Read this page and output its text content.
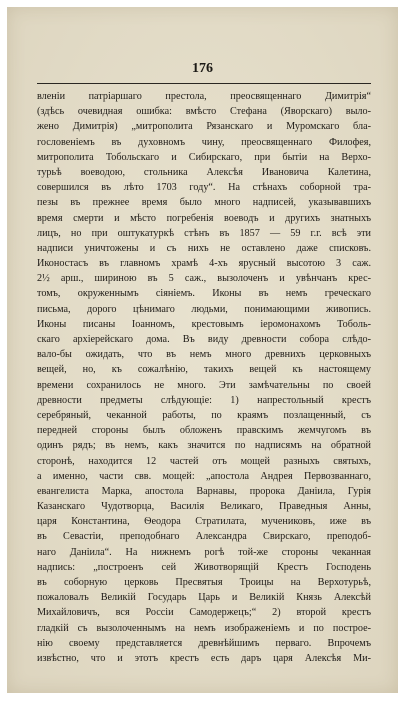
176
вленіи патріаршаго престола, преосвященнаго Димитрія“
(здѣсь очевидная ошибка: вмѣсто Стефана (Яворскаго) выло-
жено Димитрія) „митрополита Рязанскаго и Муромскаго бла-
гословеніемъ въ духовномъ чину, преосвященнаго Филофея,
митрополита Тобольскаго и Сибирскаго, при бытіи на Верхо-
турьѣ воеводою, стольника Алексѣя Ивановича Калетина,
совершился въ лѣто 1703 году“. На стѣнахъ соборной тра-
пезы въ прежнее время было много надписей, указывавшихъ
время смерти и мѣсто погребенія воеводъ и другихъ знатныхъ
лицъ, но при оштукатуркѣ стѣнъ въ 1857 — 59 г.г. всѣ эти
надписи уничтожены и съ нихъ не оставлено даже списковъ.
Иконостасъ въ главномъ храмѣ 4-хъ ярусный высотою 3 саж.
2½ арш., шириною въ 5 саж., вызолоченъ и увѣнчанъ крес-
томъ, окруженнымъ сіяніемъ. Иконы въ немъ греческаго
письма, дорого цѣнимаго людьми, понимающими живопись.
Иконы писаны Іоанномъ, крестовымъ іеромонахомъ Тоболь-
скаго архіерейскаго дома. Въ виду древности собора слѣдо-
вало-бы ожидать, что въ немъ много древнихъ церковныхъ
вещей, но, къ сожалѣнію, такихъ вещей къ настоящему
времени сохранилось не много. Эти замѣчательны по своей
древности предметы слѣдующіе: 1) напрестольный крестъ
серебряный, чеканной работы, по краямъ позлащенный, съ
передней стороны былъ обложенъ правскимъ жемчугомъ въ
одинъ рядъ; въ немъ, какъ значится по надписямъ на обратной
сторонѣ, находится 12 частей отъ мощей разныхъ святыхъ,
а именно, части свв. мощей: „апостола Андрея Первозваннаго,
евангелиста Марка, апостола Варнавы, пророка Даніила, Гурія
Казанскаго Чудотворца, Василія Великаго, Праведныя Анны,
царя Константина, Ѳеодора Стратилата, мучениковъ, иже въ
въ Севастіи, преподобнаго Александра Свирскаго, преподоб-
наго Даніила“. На нижнемъ рогѣ той-же стороны чеканная
надпись: „построенъ сей Животворящій Крестъ Господень
въ соборную церковь Пресвятыя Троицы на Верхотурьѣ,
пожаловалъ Великій Государь Царь и Великій Князь Алексѣй
Михайловичъ, вся Россіи Самодержецъ;“ 2) второй крестъ
гладкій съ вызолоченнымъ на немъ изображеніемъ и по построе-
нію своему представляется древнѣйшимъ перваго. Впрочемъ
извѣстно, что и этотъ крестъ есть даръ царя Алексѣя Ми-
